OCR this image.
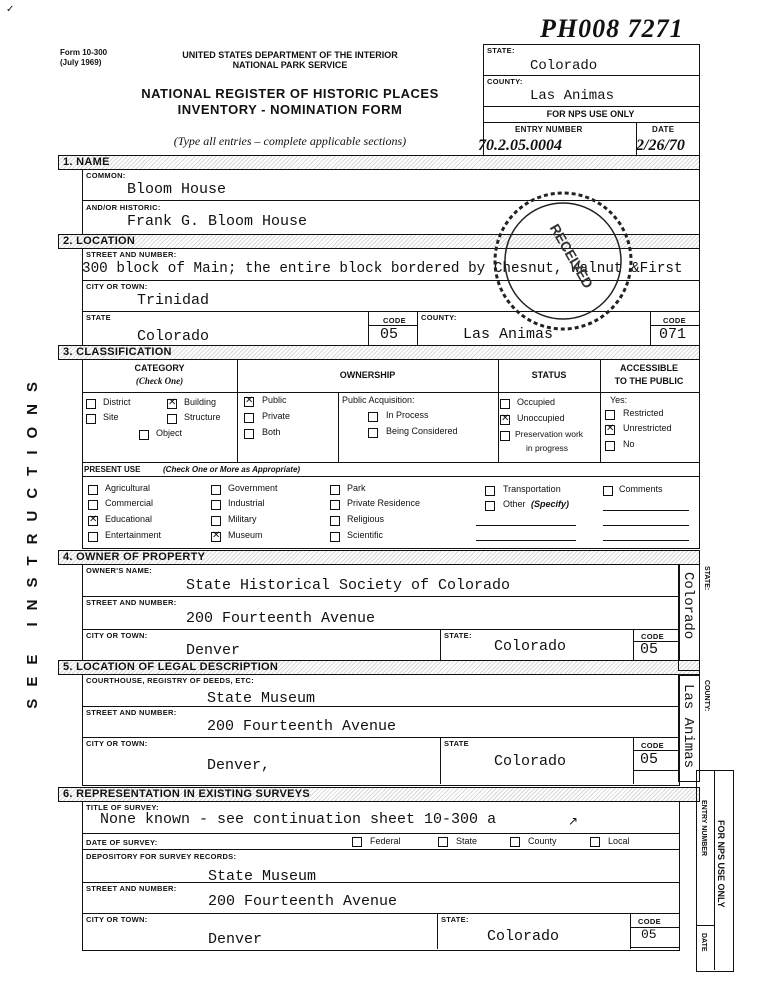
✓
PH008 7271
Form 10-300
(July 1969)
UNITED STATES DEPARTMENT OF THE INTERIOR
NATIONAL PARK SERVICE
NATIONAL REGISTER OF HISTORIC PLACES
INVENTORY - NOMINATION FORM
(Type all entries – complete applicable sections)
STATE:
Colorado
COUNTY:
Las Animas
FOR NPS USE ONLY
ENTRY NUMBER	DATE
70.2.05.0004	2/26/70
SEE INSTRUCTIONS
1. NAME
COMMON:
Bloom House
AND/OR HISTORIC:
Frank G. Bloom House
2. LOCATION
STREET AND NUMBER:
300 block of Main; the entire block bordered by Chesnut, Walnut &First
CITY OR TOWN:
Trinidad
STATE
Colorado
CODE
05
COUNTY:
Las Animas
CODE
071
RECEIVED
3. CLASSIFICATION
CATEGORY
(Check One)
OWNERSHIP	STATUS
ACCESSIBLE
TO THE PUBLIC
District
✕	Building
Site	Structure
Object
✕
Public
Private
Both
Public Acquisition:
In Process
Being Considered
Occupied
✕
Unoccupied
Preservation work
in progress
Yes:
Restricted
✕
Unrestricted
No
PRESENT USE	(Check One or More as Appropriate)
Agricultural
Commercial
✕
Educational
Entertainment
Government
Industrial
Military
✕
Museum
Park
Private Residence
Religious
Scientific
Transportation
Other (Specify)
Comments
4. OWNER OF PROPERTY
OWNER'S NAME:
State Historical Society of Colorado
STREET AND NUMBER:
200 Fourteenth Avenue
CITY OR TOWN:
Denver
STATE:
Colorado
CODE
05
5. LOCATION OF LEGAL DESCRIPTION
COURTHOUSE, REGISTRY OF DEEDS, ETC:
State Museum
STREET AND NUMBER:
200 Fourteenth Avenue
CITY OR TOWN:
Denver,
STATE
Colorado
CODE
05
6. REPRESENTATION IN EXISTING SURVEYS
TITLE OF SURVEY:
None known - see continuation sheet 10-300 a	↗
DATE OF SURVEY:	Federal	State	County	Local
DEPOSITORY FOR SURVEY RECORDS:
State Museum
STREET AND NUMBER:
200 Fourteenth Avenue
CITY OR TOWN:
Denver
STATE:
Colorado
CODE
05
Colorado STATE:
Las Animas COUNTY:
FOR NPS USE ONLY
ENTRY NUMBER
DATE
